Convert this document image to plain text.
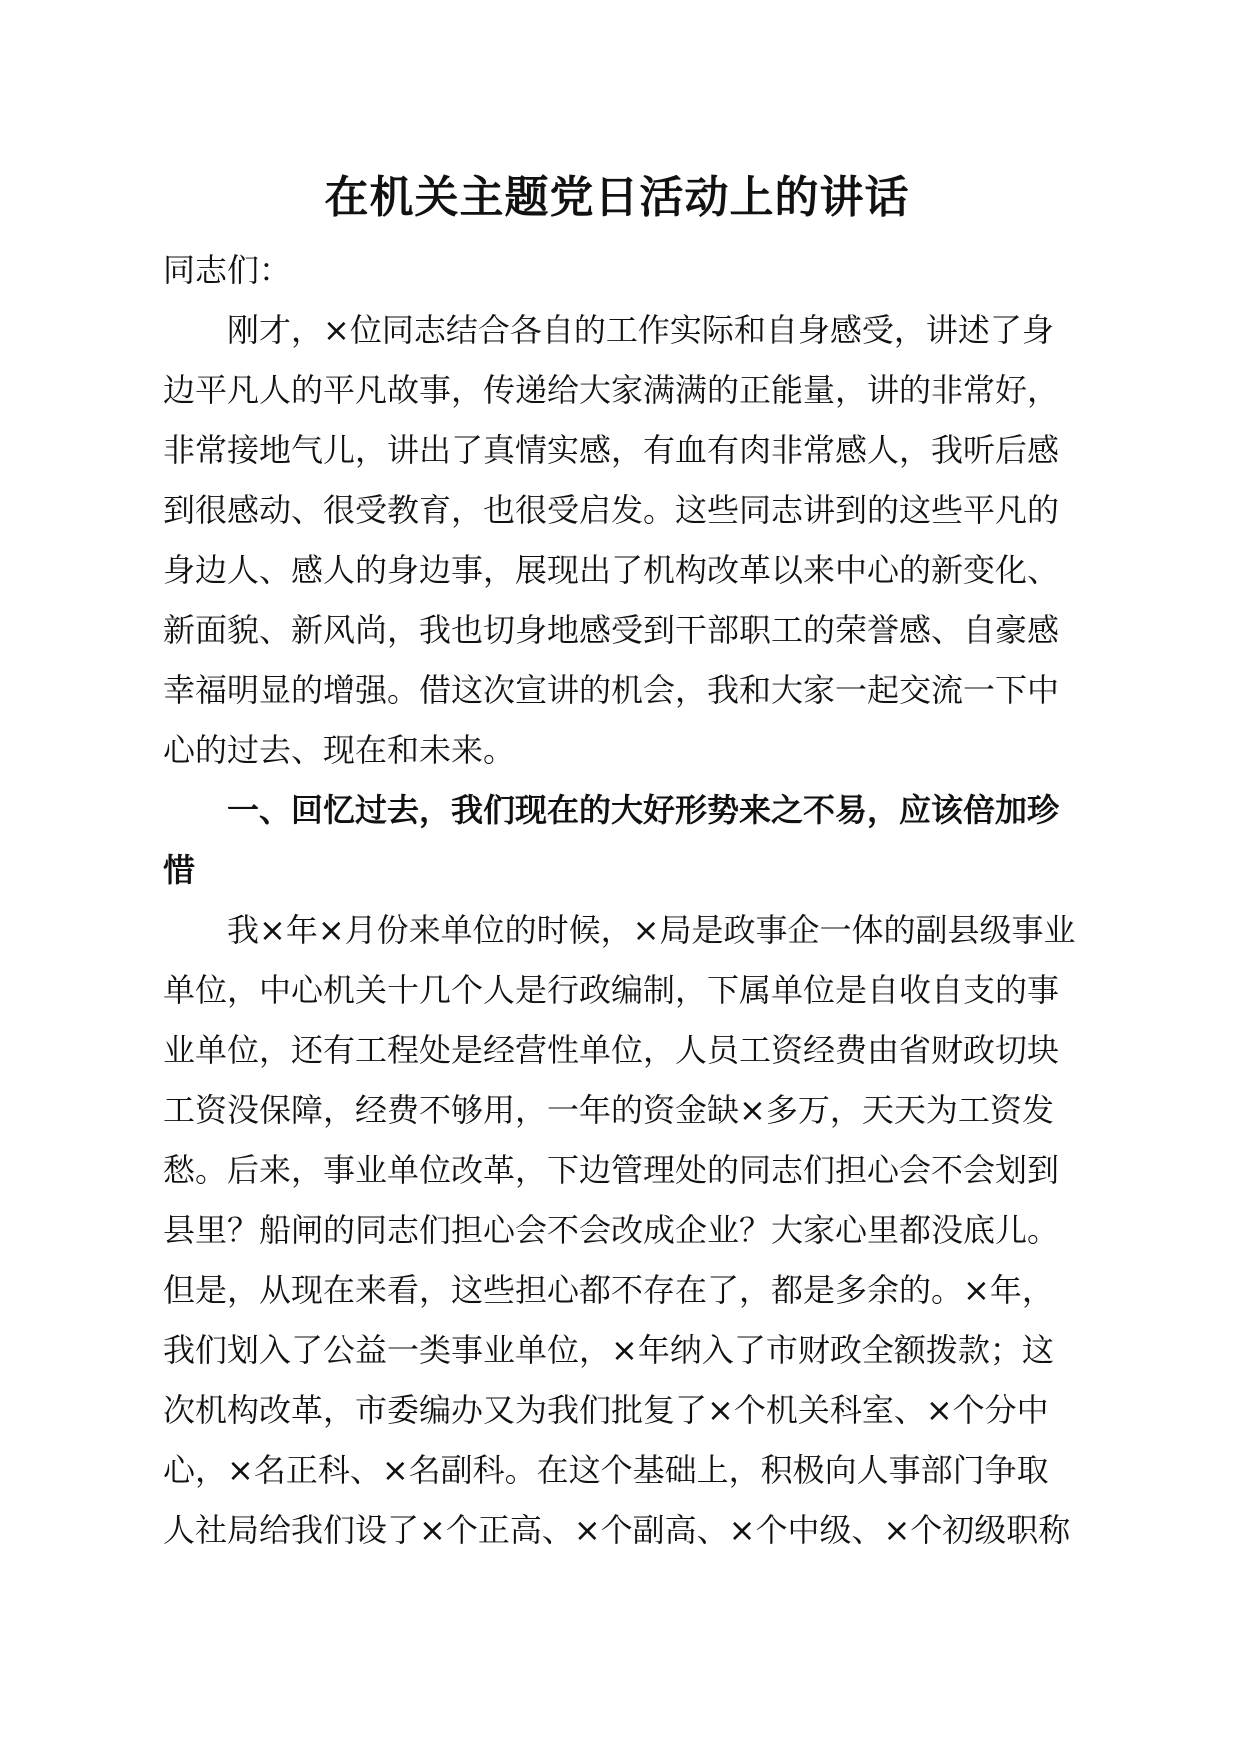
在机关主题党日活动上的讲话
同志们：
刚才，×位同志结合各自的工作实际和自身感受，讲述了身
边平凡人的平凡故事，传递给大家满满的正能量，讲的非常好，
非常接地气儿，讲出了真情实感，有血有肉非常感人，我听后感
到很感动、很受教育，也很受启发。这些同志讲到的这些平凡的
身边人、感人的身边事，展现出了机构改革以来中心的新变化、
新面貌、新风尚，我也切身地感受到干部职工的荣誉感、自豪感
幸福明显的增强。借这次宣讲的机会，我和大家一起交流一下中
心的过去、现在和未来。
一、回忆过去，我们现在的大好形势来之不易，应该倍加珍
惜
我×年×月份来单位的时候，×局是政事企一体的副县级事业
单位，中心机关十几个人是行政编制，下属单位是自收自支的事
业单位，还有工程处是经营性单位，人员工资经费由省财政切块
工资没保障，经费不够用，一年的资金缺×多万，天天为工资发
愁。后来，事业单位改革，下边管理处的同志们担心会不会划到
县里？船闸的同志们担心会不会改成企业？大家心里都没底儿。
但是，从现在来看，这些担心都不存在了，都是多余的。×年，
我们划入了公益一类事业单位，×年纳入了市财政全额拨款；这
次机构改革，市委编办又为我们批复了×个机关科室、×个分中
心，×名正科、×名副科。在这个基础上，积极向人事部门争取
人社局给我们设了×个正高、×个副高、×个中级、×个初级职称
